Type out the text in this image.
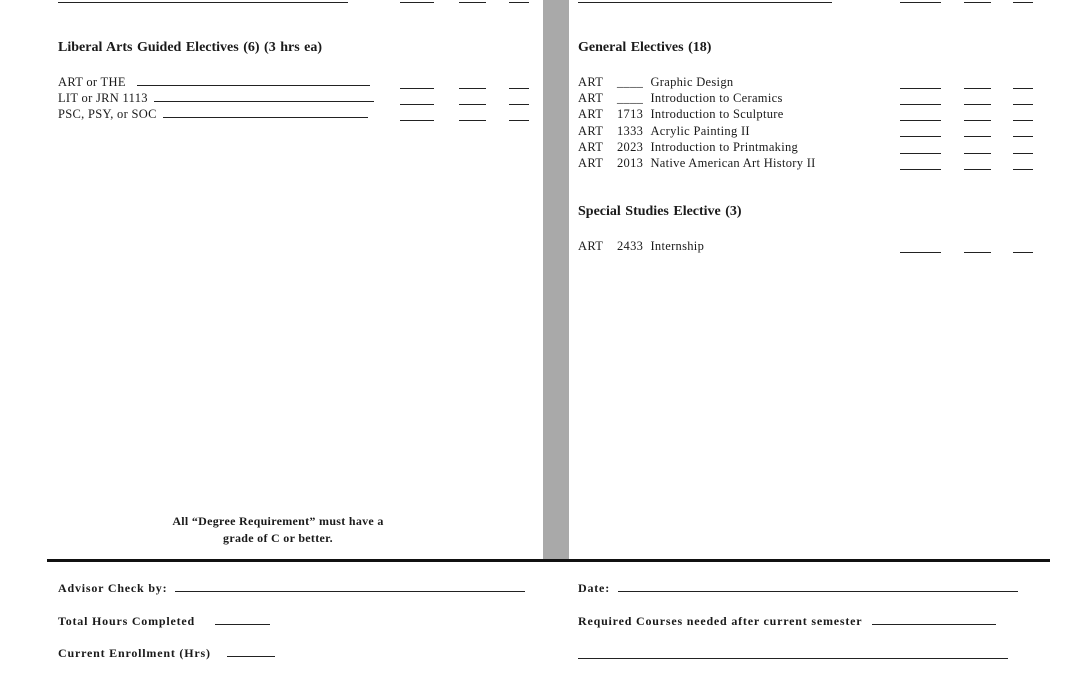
Liberal Arts Guided Electives (6) (3 hrs ea)
ART or THE
LIT or JRN 1113
PSC, PSY, or SOC
All “Degree Requirement” must have a
grade of C or better.
General Electives (18)
ART ____ Graphic Design
ART ____ Introduction to Ceramics
ART 1713 Introduction to Sculpture
ART 1333 Acrylic Painting II
ART 2023 Introduction to Printmaking
ART 2013 Native American Art History II
Special Studies Elective (3)
ART 2433 Internship
Advisor Check by:	Date:
Total Hours Completed	Required Courses needed after current semester
Current Enrollment (Hrs)
